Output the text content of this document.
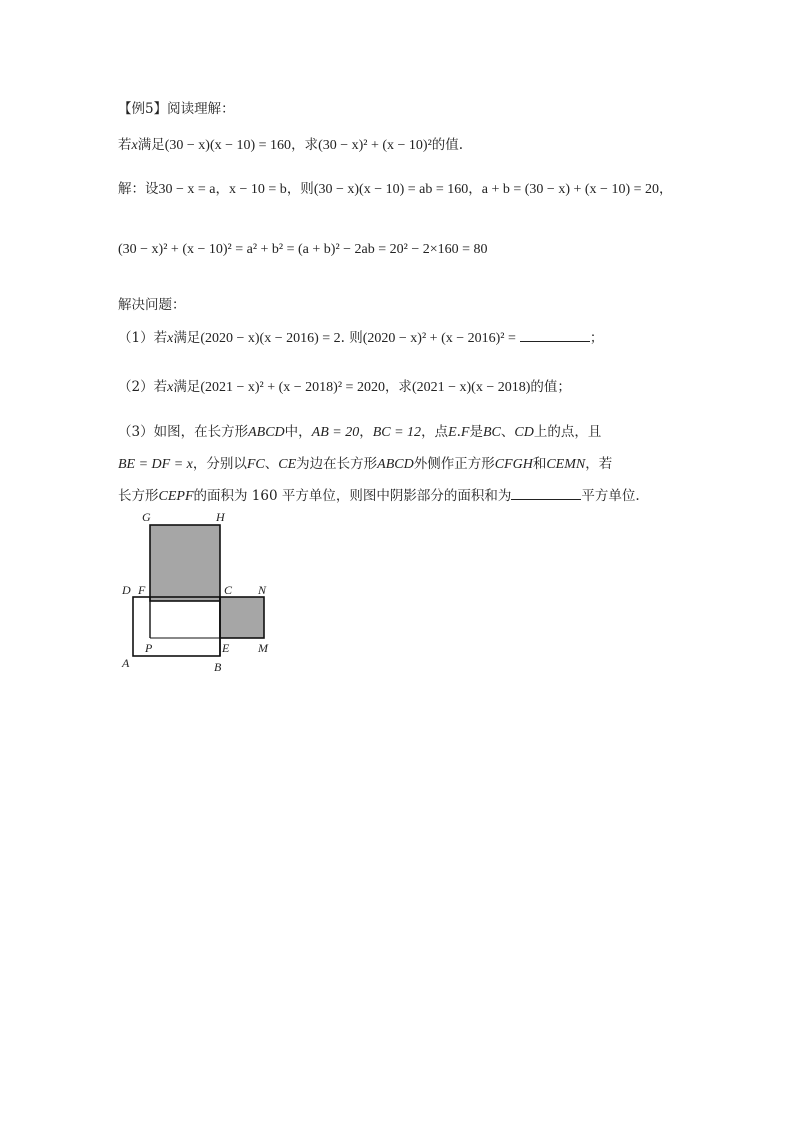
【例5】阅读理解：
若x满足(30 − x)(x − 10) = 160，求(30 − x)² + (x − 10)²的值.
解：设30 − x = a，x − 10 = b，则(30 − x)(x − 10) = ab = 160，a + b = (30 − x) + (x − 10) = 20，
(30 − x)² + (x − 10)² = a² + b² = (a + b)² − 2ab = 20² − 2×160 = 80
解决问题：
（1）若x满足(2020 − x)(x − 2016) = 2. 则(2020 − x)² + (x − 2016)² =	；
（2）若x满足(2021 − x)² + (x − 2018)² = 2020，求(2021 − x)(x − 2018)的值；
（3）如图，在长方形ABCD中，AB = 20，BC = 12，点E.F是BC、CD上的点，且
BE = DF = x，分别以FC、CE为边在长方形ABCD外侧作正方形CFGH和CEMN，若
长方形CEPF的面积为 160 平方单位，则图中阴影部分的面积和为	平方单位.
G	H
D F	C N
P	E M
A	B
